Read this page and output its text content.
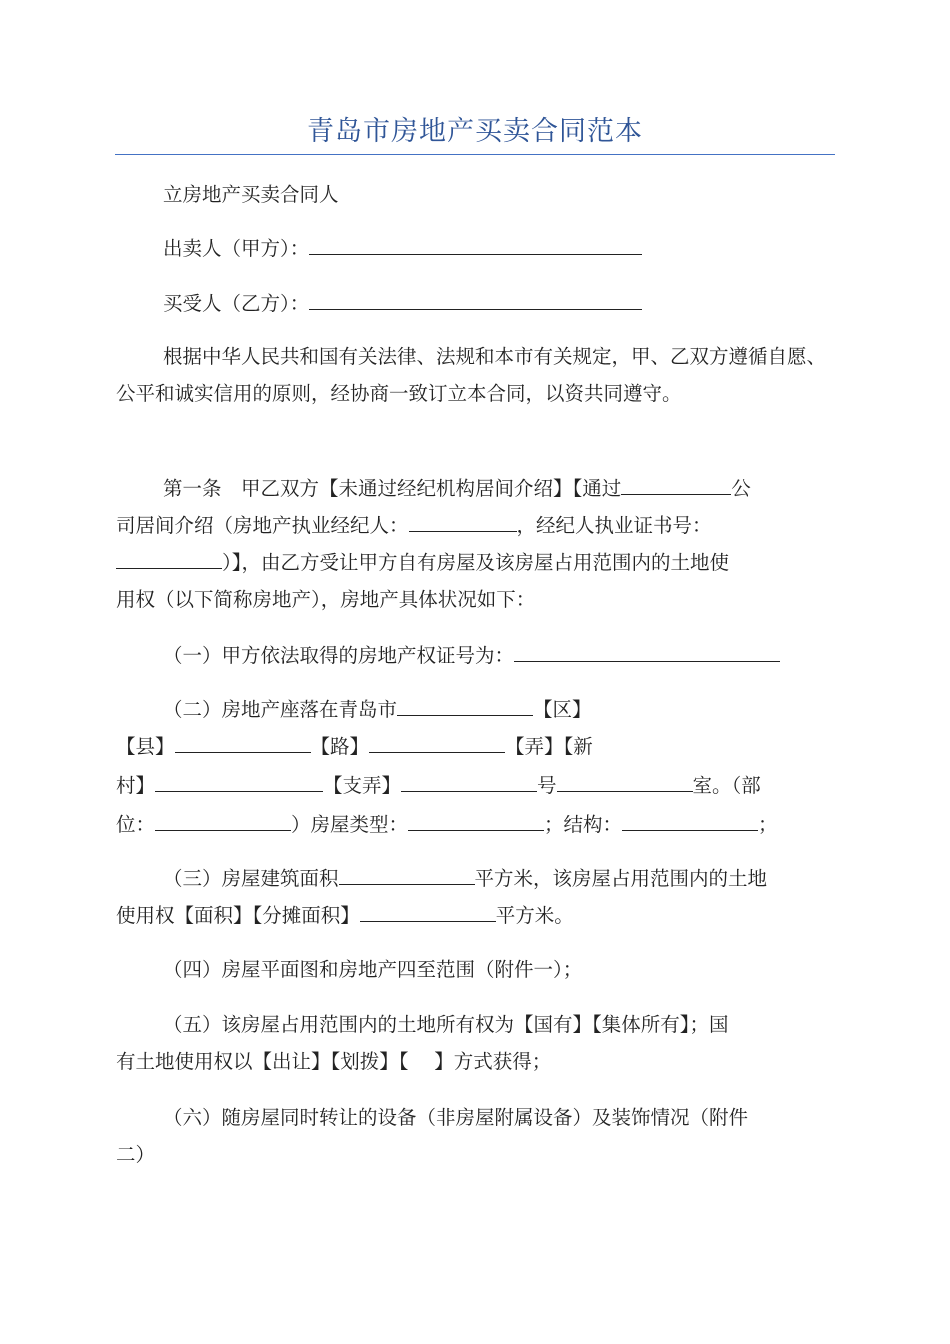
青岛市房地产买卖合同范本
立房地产买卖合同人
出卖人（甲方）：
买受人（乙方）：
根据中华人民共和国有关法律、法规和本市有关规定，甲、乙双方遵循自愿、公平和诚实信用的原则，经协商一致订立本合同，以资共同遵守。
第一条　甲乙双方【未通过经纪机构居间介绍】【通过	公
司居间介绍（房地产执业经纪人：	，经纪人执业证书号：
）】，由乙方受让甲方自有房屋及该房屋占用范围内的土地使
用权（以下简称房地产），房地产具体状况如下：
（一）甲方依法取得的房地产权证号为：
（二）房地产座落在青岛市	【区】
【县】	【路】	【弄】【新
村】	【支弄】	号	室。（部
位：	）房屋类型：	；结构：	；
（三）房屋建筑面积	平方米，该房屋占用范围内的土地
使用权【面积】【分摊面积】	平方米。
（四）房屋平面图和房地产四至范围（附件一）；
（五）该房屋占用范围内的土地所有权为【国有】【集体所有】；国
有土地使用权以【出让】【划拨】【　 】方式获得；
（六）随房屋同时转让的设备（非房屋附属设备）及装饰情况（附件
二）
